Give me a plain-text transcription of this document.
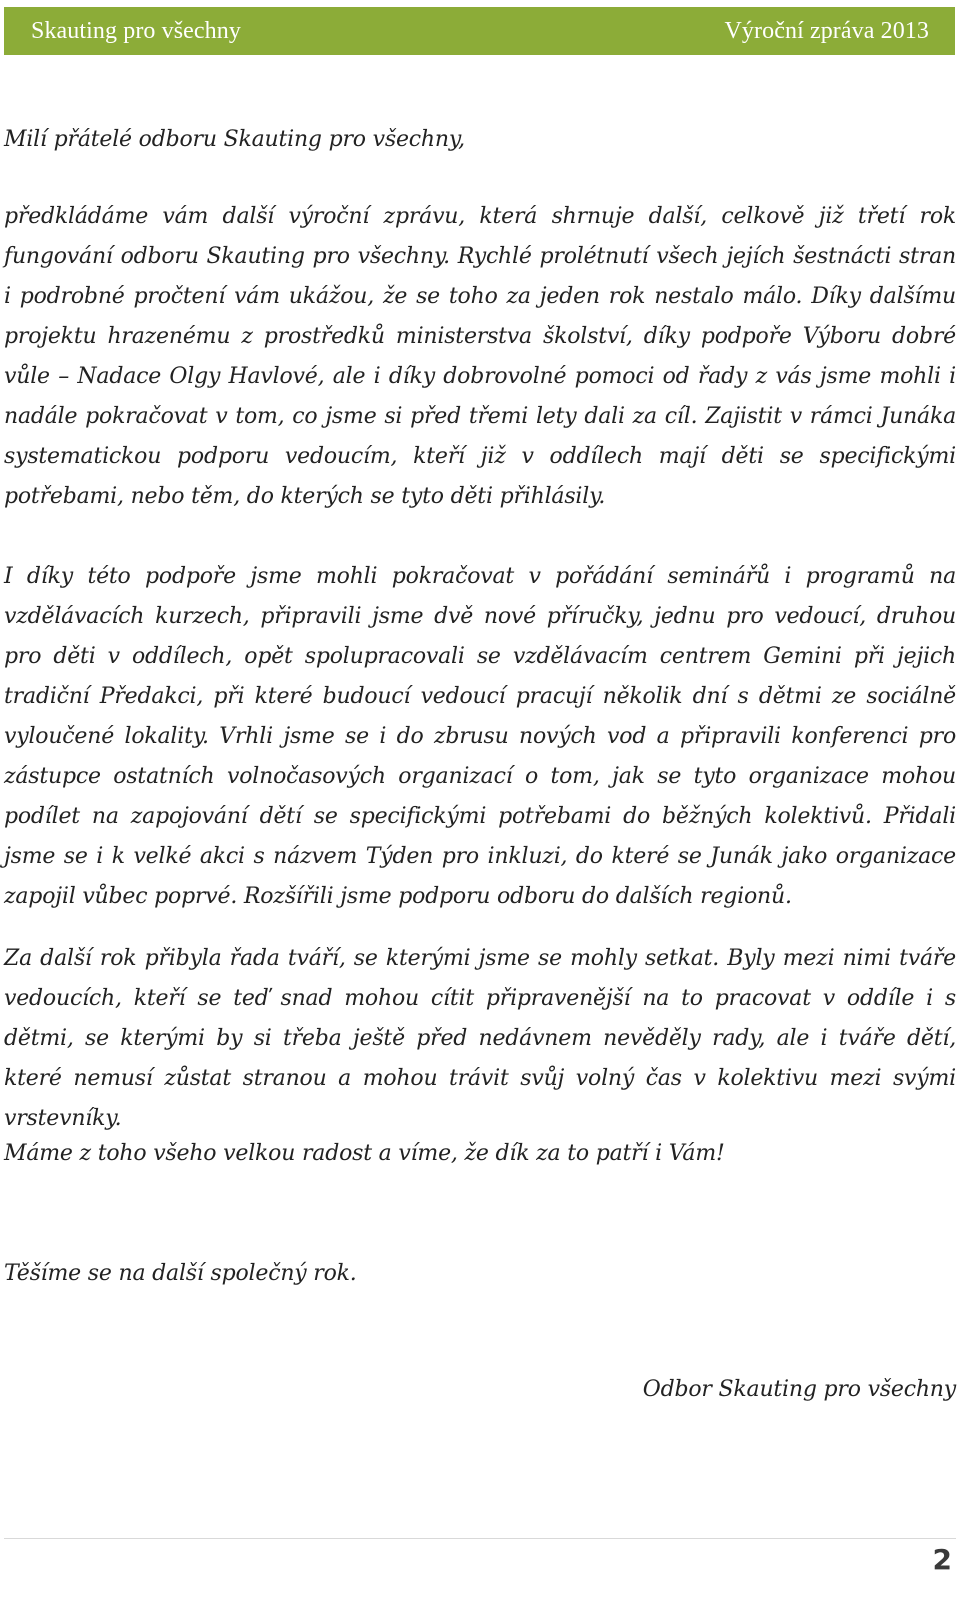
Skauting pro všechny	Výroční zpráva 2013

Milí přátelé odboru Skauting pro všechny,

předkládáme vám další výroční zprávu, která shrnuje další, celkově již třetí rok fungování odboru Skauting pro všechny. Rychlé prolétnutí všech jejích šestnácti stran i podrobné pročtení vám ukážou, že se toho za jeden rok nestalo málo. Díky dalšímu projektu hrazenému z prostředků ministerstva školství, díky podpoře Výboru dobré vůle – Nadace Olgy Havlové, ale i díky dobrovolné pomoci od řady z vás jsme mohli i nadále pokračovat v tom, co jsme si před třemi lety dali za cíl. Zajistit v rámci Junáka systematickou podporu vedoucím, kteří již v oddílech mají děti se specifickými potřebami, nebo těm, do kterých se tyto děti přihlásily.

I díky této podpoře jsme mohli pokračovat v pořádání seminářů i programů na vzdělávacích kurzech, připravili jsme dvě nové příručky, jednu pro vedoucí, druhou pro děti v oddílech, opět spolupracovali se vzdělávacím centrem Gemini při jejich tradiční Předakci, při které budoucí vedoucí pracují několik dní s dětmi ze sociálně vyloučené lokality. Vrhli jsme se i do zbrusu nových vod a připravili konferenci pro zástupce ostatních volnočasových organizací o tom, jak se tyto organizace mohou podílet na zapojování dětí se specifickými potřebami do běžných kolektivů. Přidali jsme se i k velké akci s názvem Týden pro inkluzi, do které se Junák jako organizace zapojil vůbec poprvé. Rozšířili jsme podporu odboru do dalších regionů.

Za další rok přibyla řada tváří, se kterými jsme se mohly setkat. Byly mezi nimi tváře vedoucích, kteří se teď snad mohou cítit připravenější na to pracovat v oddíle i s dětmi, se kterými by si třeba ještě před nedávnem nevěděly rady, ale i tváře dětí, které nemusí zůstat stranou a mohou trávit svůj volný čas v kolektivu mezi svými vrstevníky.

Máme z toho všeho velkou radost a víme, že dík za to patří i Vám!

Těšíme se na další společný rok.

Odbor Skauting pro všechny

2
